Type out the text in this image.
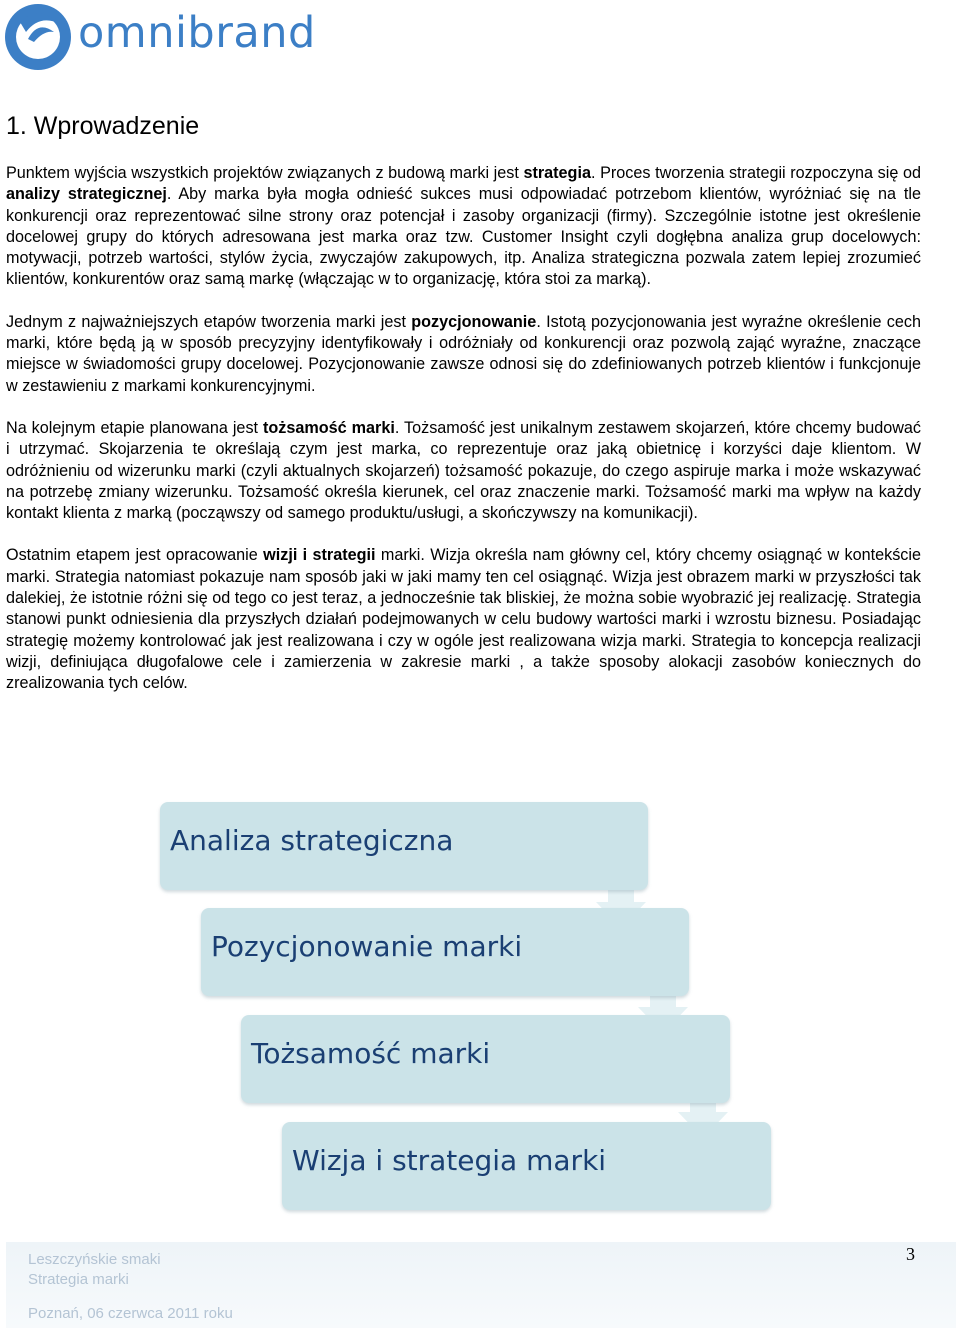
omnibrand
1. Wprowadzenie

Punktem wyjścia wszystkich projektów związanych z budową marki jest strategia. Proces tworzenia strategii rozpoczyna się od analizy strategicznej. Aby marka była mogła odnieść sukces musi odpowiadać potrzebom klientów, wyróżniać się na tle konkurencji oraz reprezentować silne strony oraz potencjał i zasoby organizacji (firmy). Szczególnie istotne jest określenie docelowej grupy do których adresowana jest marka oraz tzw. Customer Insight czyli dogłębna analiza grup docelowych: motywacji, potrzeb wartości, stylów życia, zwyczajów zakupowych, itp. Analiza strategiczna pozwala zatem lepiej zrozumieć klientów, konkurentów oraz samą markę (włączając w to organizację, która stoi za marką).

Jednym z najważniejszych etapów tworzenia marki jest pozycjonowanie. Istotą pozycjonowania jest wyraźne określenie cech marki, które będą ją w sposób precyzyjny identyfikowały i odróżniały od konkurencji oraz pozwolą zająć wyraźne, znaczące miejsce w świadomości grupy docelowej. Pozycjonowanie zawsze odnosi się do zdefiniowanych potrzeb klientów i funkcjonuje w zestawieniu z markami konkurencyjnymi.

Na kolejnym etapie planowana jest tożsamość marki. Tożsamość jest unikalnym zestawem skojarzeń, które chcemy budować i utrzymać. Skojarzenia te określają czym jest marka, co reprezentuje oraz jaką obietnicę i korzyści daje klientom. W odróżnieniu od wizerunku marki (czyli aktualnych skojarzeń) tożsamość pokazuje, do czego aspiruje marka i może wskazywać na potrzebę zmiany wizerunku. Tożsamość określa kierunek, cel oraz znaczenie marki. Tożsamość marki ma wpływ na każdy kontakt klienta z marką (począwszy od samego produktu/usługi, a skończywszy na komunikacji).

Ostatnim etapem jest opracowanie wizji i strategii marki. Wizja określa nam główny cel, który chcemy osiągnąć w kontekście marki. Strategia natomiast pokazuje nam sposób jaki w jaki mamy ten cel osiągnąć. Wizja jest obrazem marki w przyszłości tak dalekiej, że istotnie różni się od tego co jest teraz, a jednocześnie tak bliskiej, że można sobie wyobrazić jej realizację. Strategia stanowi punkt odniesienia dla przyszłych działań podejmowanych w celu budowy wartości marki i wzrostu biznesu. Posiadając strategię możemy kontrolować jak jest realizowana i czy w ogóle jest realizowana wizja marki. Strategia to koncepcja realizacji wizji, definiująca długofalowe cele i zamierzenia w zakresie marki , a także sposoby alokacji zasobów koniecznych do zrealizowania tych celów.

Analiza strategiczna
Pozycjonowanie marki
Tożsamość marki
Wizja i strategia marki
Leszczyńskie smaki
Strategia marki
Poznań, 06 czerwca 2011 roku
3
